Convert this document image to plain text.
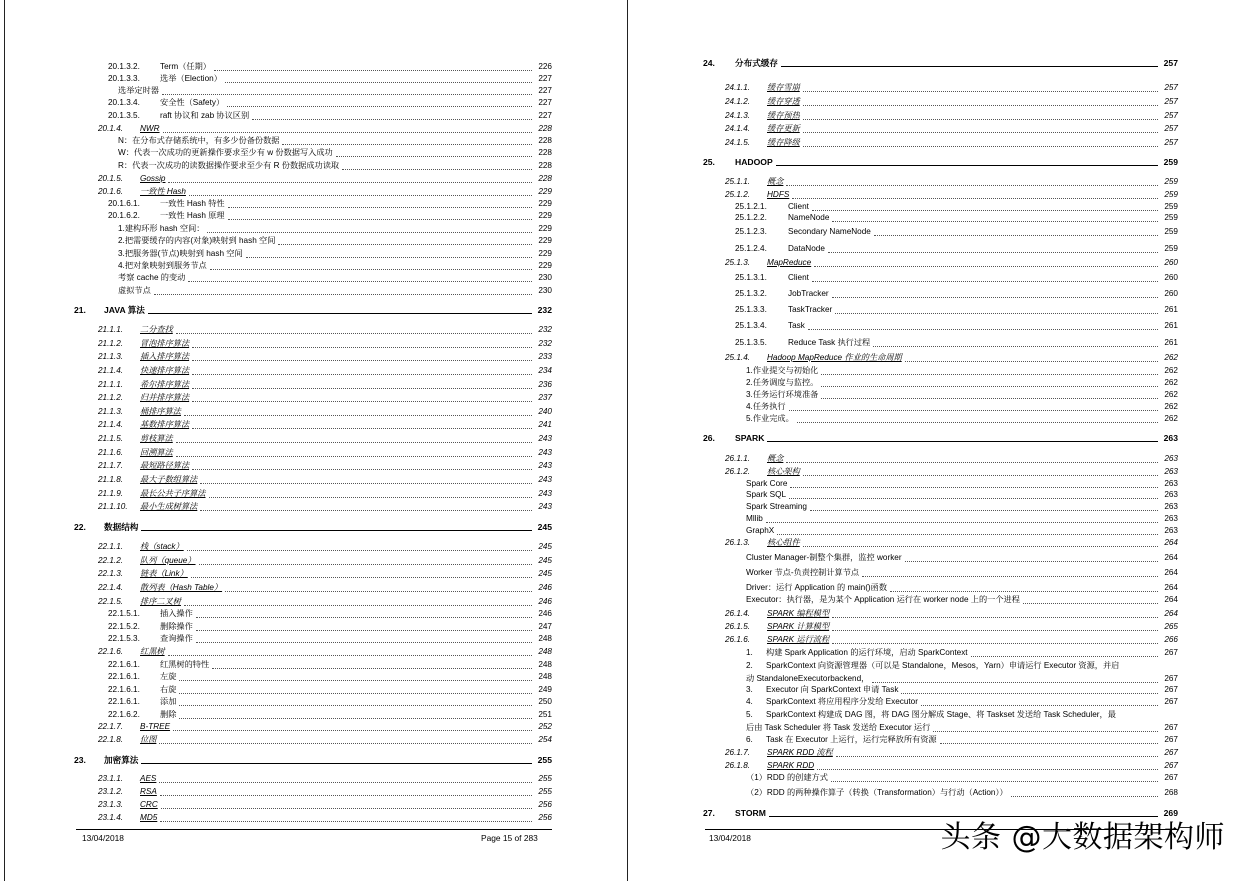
20.1.3.2. Term（任期）	226
20.1.3.3. 选举（Election）	227
选举定时器	227
20.1.3.4. 安全性（Safety）	227
20.1.3.5. raft 协议和 zab 协议区别	227
20.1.4. NWR	228
N：在分布式存储系统中，有多少份备份数据	228
W：代表一次成功的更新操作要求至少有 w 份数据写入成功	228
R：代表一次成功的读数据操作要求至少有 R 份数据成功读取	228
20.1.5. Gossip	228
20.1.6. 一致性 Hash	229
20.1.6.1. 一致性 Hash 特性	229
20.1.6.2. 一致性 Hash 原理	229
1.建构环形 hash 空间：	229
2.把需要缓存的内容(对象)映射到 hash 空间	229
3.把服务器(节点)映射到 hash 空间	229
4.把对象映射到服务节点	229
考察 cache 的变动	230
虚拟节点	230
21. JAVA 算法	232
21.1.1. 二分查找	232
21.1.2. 冒泡排序算法	232
21.1.3. 插入排序算法	233
21.1.4. 快速排序算法	234
21.1.1. 希尔排序算法	236
21.1.2. 归并排序算法	237
21.1.3. 桶排序算法	240
21.1.4. 基数排序算法	241
21.1.5. 剪枝算法	243
21.1.6. 回溯算法	243
21.1.7. 最短路径算法	243
21.1.8. 最大子数组算法	243
21.1.9. 最长公共子序算法	243
21.1.10. 最小生成树算法	243
22. 数据结构	245
22.1.1. 栈（stack）	245
22.1.2. 队列（queue）	245
22.1.3. 链表（Link）	245
22.1.4. 散列表（Hash Table）	246
22.1.5. 排序二叉树	246
22.1.5.1. 插入操作	246
22.1.5.2. 删除操作	247
22.1.5.3. 查询操作	248
22.1.6. 红黑树	248
22.1.6.1. 红黑树的特性	248
22.1.6.1. 左旋	248
22.1.6.1. 右旋	249
22.1.6.1. 添加	250
22.1.6.2. 删除	251
22.1.7. B-TREE	252
22.1.8. 位图	254
23. 加密算法	255
23.1.1. AES	255
23.1.2. RSA	255
23.1.3. CRC	256
23.1.4. MD5	256
13/04/2018	Page 15 of 283
24. 分布式缓存	257
24.1.1. 缓存雪崩	257
24.1.2. 缓存穿透	257
24.1.3. 缓存预热	257
24.1.4. 缓存更新	257
24.1.5. 缓存降级	257
25. HADOOP	259
25.1.1. 概念	259
25.1.2. HDFS	259
25.1.2.1.	Client	259
25.1.2.2.	NameNode	259
25.1.2.3.	Secondary NameNode	259
25.1.2.4.	DataNode	259
25.1.3. MapReduce	260
25.1.3.1.	Client	260
25.1.3.2.	JobTracker	260
25.1.3.3.	TaskTracker	261
25.1.3.4.	Task	261
25.1.3.5.	Reduce Task 执行过程	261
25.1.4. Hadoop MapReduce 作业的生命周期	262
1.作业提交与初始化	262
2.任务调度与监控。	262
3.任务运行环境准备	262
4.任务执行	262
5.作业完成。	262
26. SPARK	263
26.1.1. 概念	263
26.1.2. 核心架构	263
Spark Core	263
Spark SQL	263
Spark Streaming	263
Mllib	263
GraphX	263
26.1.3. 核心组件	264
Cluster Manager-制整个集群，监控 worker	264
Worker 节点-负责控制计算节点	264
Driver：运行 Application 的 main()函数	264
Executor：执行器，是为某个 Application 运行在 worker node 上的一个进程	264
26.1.4. SPARK 编程模型	264
26.1.5. SPARK 计算模型	265
26.1.6. SPARK 运行流程	266
1. 构建 Spark Application 的运行环境，启动 SparkContext	267
2. SparkContext 向资源管理器（可以是 Standalone，Mesos，Yarn）申请运行 Executor 资源，并启
动 StandaloneExecutorbackend，	267
3. Executor 向 SparkContext 申请 Task	267
4. SparkContext 将应用程序分发给 Executor	267
5. SparkContext 构建成 DAG 图，将 DAG 图分解成 Stage、将 Taskset 发送给 Task Scheduler，最
后由 Task Scheduler 将 Task 发送给 Executor 运行	267
6. Task 在 Executor 上运行，运行完释放所有资源	267
26.1.7. SPARK RDD 流程	267
26.1.8. SPARK RDD	267
（1）RDD 的创建方式	267
（2）RDD 的两种操作算子（转换（Transformation）与行动（Action））	268
27. STORM	269
13/04/2018	头条 @大数据架构师
